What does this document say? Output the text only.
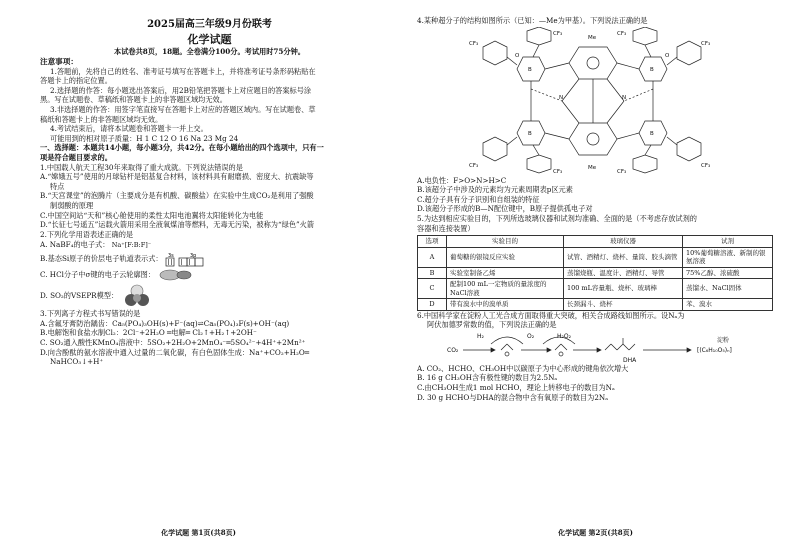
2025届高三年级9月份联考
化学试题
本试卷共8页，18题。全卷满分100分。考试用时75分钟。
注意事项：
1.答题前，先将自己的姓名、准考证号填写在答题卡上，并将准考证号条形码粘贴在
答题卡上的指定位置。
2.选择题的作答：每小题选出答案后，用2B铅笔把答题卡上对应题目的答案标号涂
黑。写在试题卷、草稿纸和答题卡上的非答题区域均无效。
3.非选择题的作答：用签字笔直接写在答题卡上对应的答题区域内。写在试题卷、草
稿纸和答题卡上的非答题区域均无效。
4.考试结束后，请将本试题卷和答题卡一并上交。
可能用到的相对原子质量：H 1 C 12 O 16 Na 23 Mg 24
一、选择题：本题共14小题，每小题3分，共42分。在每小题给出的四个选项中，只有一
项是符合题目要求的。
1.中国载人航天工程30年来取得了重大成就。下列说法错误的是
A.“嫦娥五号”使用的月球钻杆是铝基复合材料，该材料具有耐磨损、密度大、抗震缺等
特点
B.“天宫课堂”的泡腾片（主要成分是有机酸、碳酸盐）在实验中生成CO₂是利用了强酸
制弱酸的原理
C.中国空间站“天和”核心舱使用的柔性太阳电池翼将太阳能转化为电能
D.“长征七号遥五”运载火箭用采用全液氧煤油等燃料，无毒无污染，被称为“绿色”火箭
2.下列化学用语表述正确的是
A. NaBF₄的电子式： Na⁺[F:B:F]⁻
B.基态Si原子的价层电子轨道表示式： 3s	3p
C. HCl分子中σ键的电子云轮廓图：
D. SO₂的VSEPR模型：
3.下列离子方程式书写错误的是
A.含氟牙膏防治龋齿：Ca₅(PO₄)₃OH(s)+F⁻(aq)⇌Ca₅(PO₄)₃F(s)+OH⁻(aq)
B.电解饱和食盐水制Cl₂：2Cl⁻+2H₂O ═电解═ Cl₂↑+H₂↑+2OH⁻
C. SO₂通入酸性KMnO₄溶液中：5SO₂+2H₂O+2MnO₄⁻═5SO₄²⁻+4H⁺+2Mn²⁺
D.向含酚酞的氨水溶液中通入过量的二氧化碳，有白色固体生成：Na⁺+CO₂+H₂O═
NaHCO₃↓+H⁺
化学试题 第1页(共8页)
4.某种超分子的结构如图所示（已知：—Me为甲基）。下列说法正确的是
Me
Me
B	B
B	B
N	N
O	O
CF₃
CF₃
CF₃
CF₃
CF₃	CF₃
CF₃	CF₃
A.电负性：F>O>N>H>C
B.该超分子中涉及的元素均为元素周期表p区元素
C.超分子具有分子识别和自组装的特征
D.该超分子形成的B—N配位键中，B原子提供孤电子对
5.为达到相应实验目的，下列所选玻璃仪器和试剂均准确、全面的是（不考虑存放试剂的
容器和连接装置）
选项	实验目的	玻璃仪器	试剂
A	葡萄糖的银镜反应实验	试管、酒精灯、烧杯、量筒、胶头滴管	10%葡萄糖溶液、新制的银氨溶液
B	实验室制备乙烯	蒸馏烧瓶、温度计、酒精灯、导管	75%乙醇、浓硫酸
C	配制100 mL一定物质的量浓度的NaCl溶液	100 mL容量瓶、烧杯、玻璃棒	蒸馏水、NaCl固体
D	带有溴水中的溴单质	长颈漏斗、烧杯	苯、溴水
6.中国科学家在淀粉人工光合成方面取得重大突破，相关合成路线如图所示。设Nₐ为
阿伏加德罗常数的值，下列说法正确的是
CO₂
H₂	O₂	H₂O₂
DHA
淀粉
[(C₆H₁₀O₅)ₙ]
A. CO₂、HCHO、CH₃OH中以碳原子为中心形成的键角依次增大
B. 16 g CH₃OH含有极性键的数目为2.5Nₐ
C.由CH₃OH生成1 mol HCHO，理论上转移电子的数目为Nₐ
D. 30 g HCHO与DHA的混合物中含有氧原子的数目为2Nₐ
化学试题 第2页(共8页)
